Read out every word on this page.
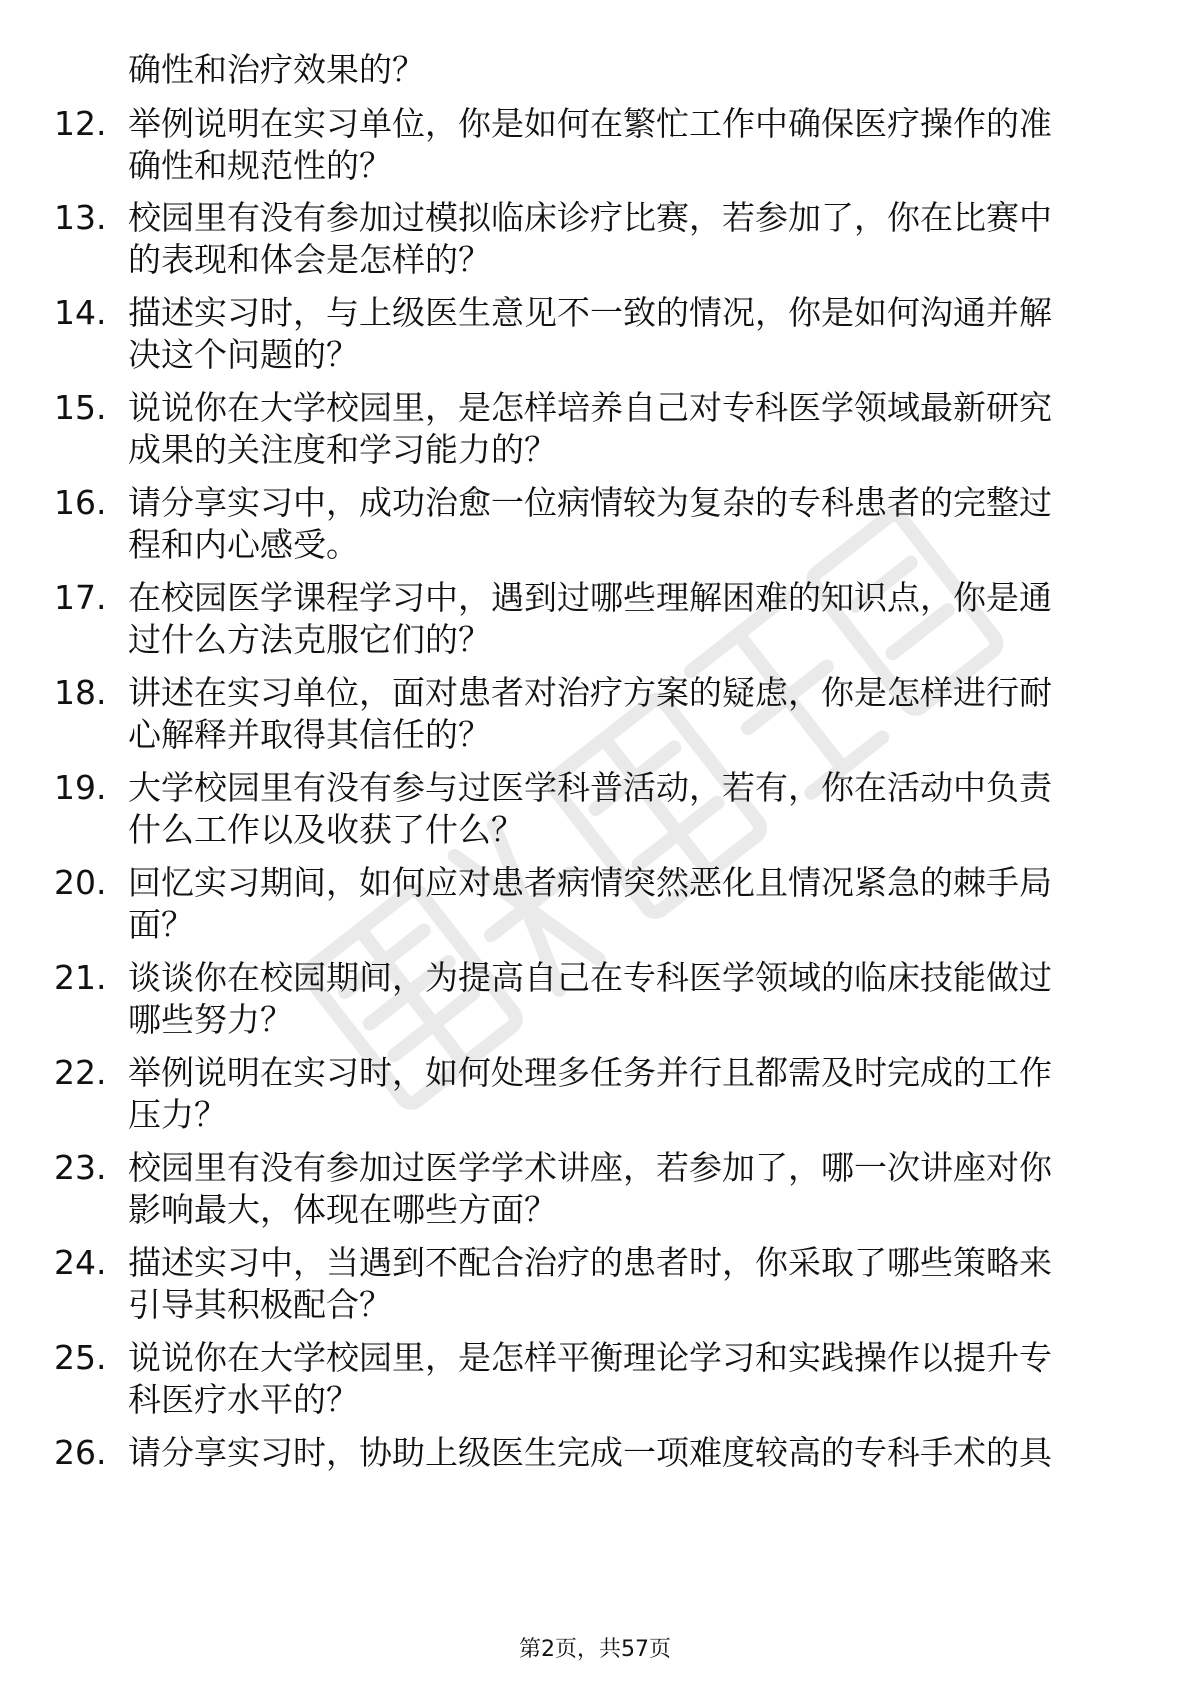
确性和治疗效果的？
12. 举例说明在实习单位，你是如何在繁忙工作中确保医疗操作的准
确性和规范性的？
13. 校园里有没有参加过模拟临床诊疗比赛，若参加了，你在比赛中
的表现和体会是怎样的？
14. 描述实习时，与上级医生意见不一致的情况，你是如何沟通并解
决这个问题的？
15. 说说你在大学校园里，是怎样培养自己对专科医学领域最新研究
成果的关注度和学习能力的？
16. 请分享实习中，成功治愈一位病情较为复杂的专科患者的完整过
程和内心感受。
17. 在校园医学课程学习中，遇到过哪些理解困难的知识点，你是通
过什么方法克服它们的？
18. 讲述在实习单位，面对患者对治疗方案的疑虑，你是怎样进行耐
心解释并取得其信任的？
19. 大学校园里有没有参与过医学科普活动，若有，你在活动中负责
什么工作以及收获了什么？
20. 回忆实习期间，如何应对患者病情突然恶化且情况紧急的棘手局
面？
21. 谈谈你在校园期间，为提高自己在专科医学领域的临床技能做过
哪些努力？
22. 举例说明在实习时，如何处理多任务并行且都需及时完成的工作
压力？
23. 校园里有没有参加过医学学术讲座，若参加了，哪一次讲座对你
影响最大，体现在哪些方面？
24. 描述实习中，当遇到不配合治疗的患者时，你采取了哪些策略来
引导其积极配合？
25. 说说你在大学校园里，是怎样平衡理论学习和实践操作以提升专
科医疗水平的？
26. 请分享实习时，协助上级医生完成一项难度较高的专科手术的具
第2页，共57页
